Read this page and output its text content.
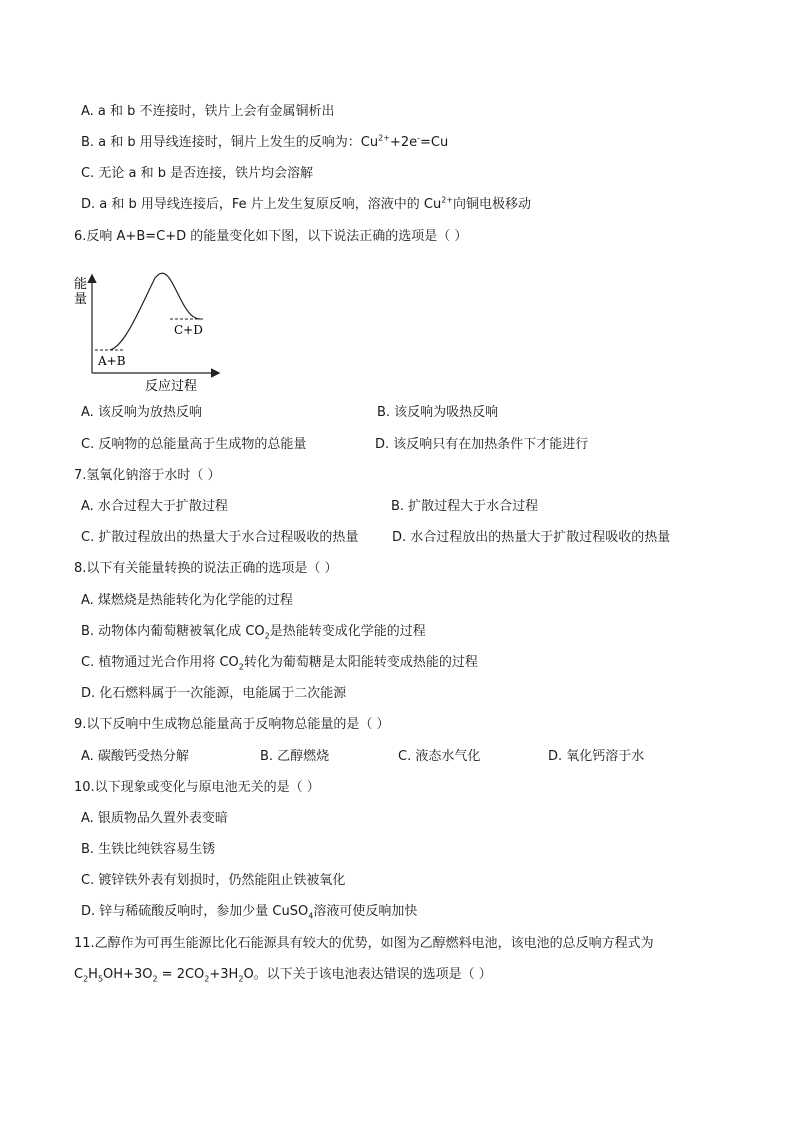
A. a 和 b 不连接时，铁片上会有金属铜析出
B. a 和 b 用导线连接时，铜片上发生的反响为：$Cu^{2+}+2e^-=Cu$
C. 无论 a 和 b 是否连接，铁片均会溶解
D. a 和 b 用导线连接后，Fe 片上发生复原反响，溶液中的 $Cu^{2+}$向铜电极移动
6.反响 A+B=C+D 的能量变化如下图，以下说法正确的选项是（ ）
能
量
A+B
C+D
反应过程
A. 该反响为放热反响	B. 该反响为吸热反响
C. 反响物的总能量高于生成物的总能量	D. 该反响只有在加热条件下才能进行
7.氢氧化钠溶于水时（ ）
A. 水合过程大于扩散过程	B. 扩散过程大于水合过程
C. 扩散过程放出的热量大于水合过程吸收的热量	D. 水合过程放出的热量大于扩散过程吸收的热量
8.以下有关能量转换的说法正确的选项是（ ）
A. 煤燃烧是热能转化为化学能的过程
B. 动物体内葡萄糖被氧化成 $CO_2$是热能转变成化学能的过程
C. 植物通过光合作用将 $CO_2$转化为葡萄糖是太阳能转变成热能的过程
D. 化石燃料属于一次能源，电能属于二次能源
9.以下反响中生成物总能量高于反响物总能量的是（ ）
A. 碳酸钙受热分解	B. 乙醇燃烧	C. 液态水气化	D. 氧化钙溶于水
10.以下现象或变化与原电池无关的是（ ）
A. 银质物品久置外表变暗
B. 生铁比纯铁容易生锈
C. 镀锌铁外表有划损时，仍然能阻止铁被氧化
D. 锌与稀硫酸反响时，参加少量 CuSO$_4$溶液可使反响加快
11.乙醇作为可再生能源比化石能源具有较大的优势，如图为乙醇燃料电池，该电池的总反响方程式为
$C_2H_5OH+3O_2 = 2CO_2+3H_2O$。以下关于该电池表达错误的选项是（ ）
